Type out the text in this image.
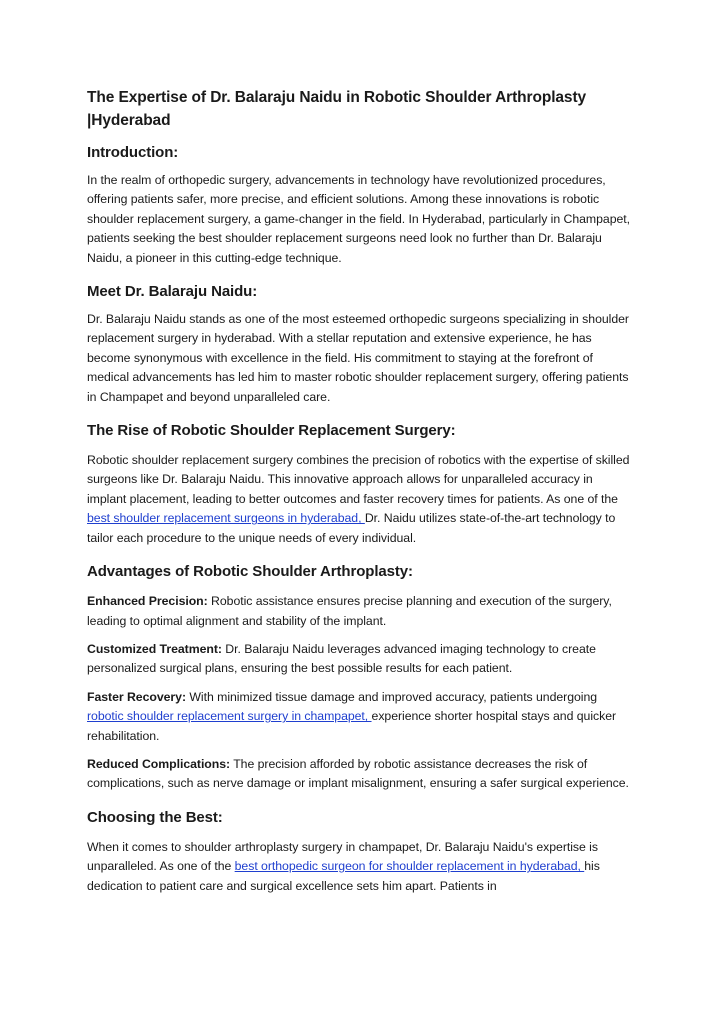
The Expertise of Dr. Balaraju Naidu in Robotic Shoulder Arthroplasty
|Hyderabad
Introduction:
In the realm of orthopedic surgery, advancements in technology have revolutionized procedures, offering patients safer, more precise, and efficient solutions. Among these innovations is robotic shoulder replacement surgery, a game-changer in the field. In Hyderabad, particularly in Champapet, patients seeking the best shoulder replacement surgeons need look no further than Dr. Balaraju Naidu, a pioneer in this cutting-edge technique.
Meet Dr. Balaraju Naidu:
Dr. Balaraju Naidu stands as one of the most esteemed orthopedic surgeons specializing in shoulder replacement surgery in hyderabad. With a stellar reputation and extensive experience, he has become synonymous with excellence in the field. His commitment to staying at the forefront of medical advancements has led him to master robotic shoulder replacement surgery, offering patients in Champapet and beyond unparalleled care.
The Rise of Robotic Shoulder Replacement Surgery:
Robotic shoulder replacement surgery combines the precision of robotics with the expertise of skilled surgeons like Dr. Balaraju Naidu. This innovative approach allows for unparalleled accuracy in implant placement, leading to better outcomes and faster recovery times for patients. As one of the best shoulder replacement surgeons in hyderabad, Dr. Naidu utilizes state-of-the-art technology to tailor each procedure to the unique needs of every individual.
Advantages of Robotic Shoulder Arthroplasty:
Enhanced Precision: Robotic assistance ensures precise planning and execution of the surgery, leading to optimal alignment and stability of the implant.
Customized Treatment: Dr. Balaraju Naidu leverages advanced imaging technology to create personalized surgical plans, ensuring the best possible results for each patient.
Faster Recovery: With minimized tissue damage and improved accuracy, patients undergoing robotic shoulder replacement surgery in champapet, experience shorter hospital stays and quicker rehabilitation.
Reduced Complications: The precision afforded by robotic assistance decreases the risk of complications, such as nerve damage or implant misalignment, ensuring a safer surgical experience.
Choosing the Best:
When it comes to shoulder arthroplasty surgery in champapet, Dr. Balaraju Naidu's expertise is unparalleled. As one of the best orthopedic surgeon for shoulder replacement in hyderabad, his dedication to patient care and surgical excellence sets him apart. Patients in
